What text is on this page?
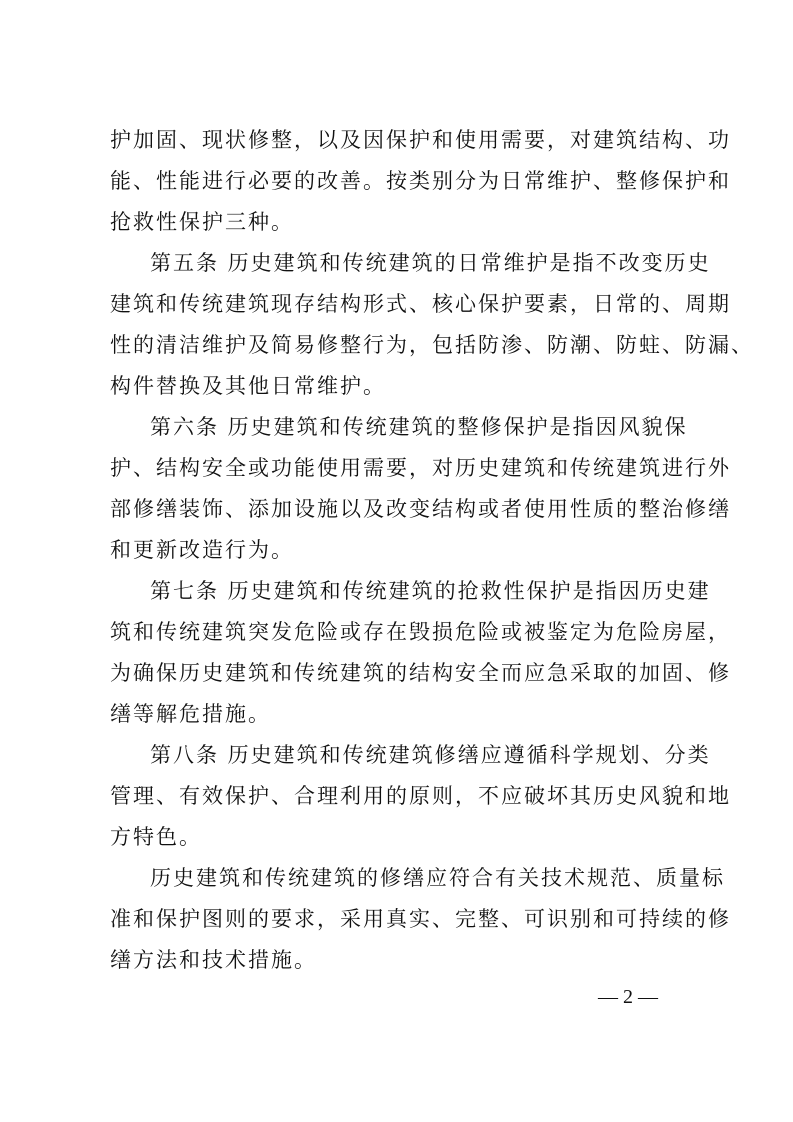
护加固、现状修整，以及因保护和使用需要，对建筑结构、功
能、性能进行必要的改善。按类别分为日常维护、整修保护和
抢救性保护三种。
第五条 历史建筑和传统建筑的日常维护是指不改变历史
建筑和传统建筑现存结构形式、核心保护要素，日常的、周期
性的清洁维护及简易修整行为，包括防渗、防潮、防蛀、防漏、
构件替换及其他日常维护。
第六条 历史建筑和传统建筑的整修保护是指因风貌保
护、结构安全或功能使用需要，对历史建筑和传统建筑进行外
部修缮装饰、添加设施以及改变结构或者使用性质的整治修缮
和更新改造行为。
第七条 历史建筑和传统建筑的抢救性保护是指因历史建
筑和传统建筑突发危险或存在毁损危险或被鉴定为危险房屋，
为确保历史建筑和传统建筑的结构安全而应急采取的加固、修
缮等解危措施。
第八条 历史建筑和传统建筑修缮应遵循科学规划、分类
管理、有效保护、合理利用的原则，不应破坏其历史风貌和地
方特色。
历史建筑和传统建筑的修缮应符合有关技术规范、质量标
准和保护图则的要求，采用真实、完整、可识别和可持续的修
缮方法和技术措施。
— 2 —
